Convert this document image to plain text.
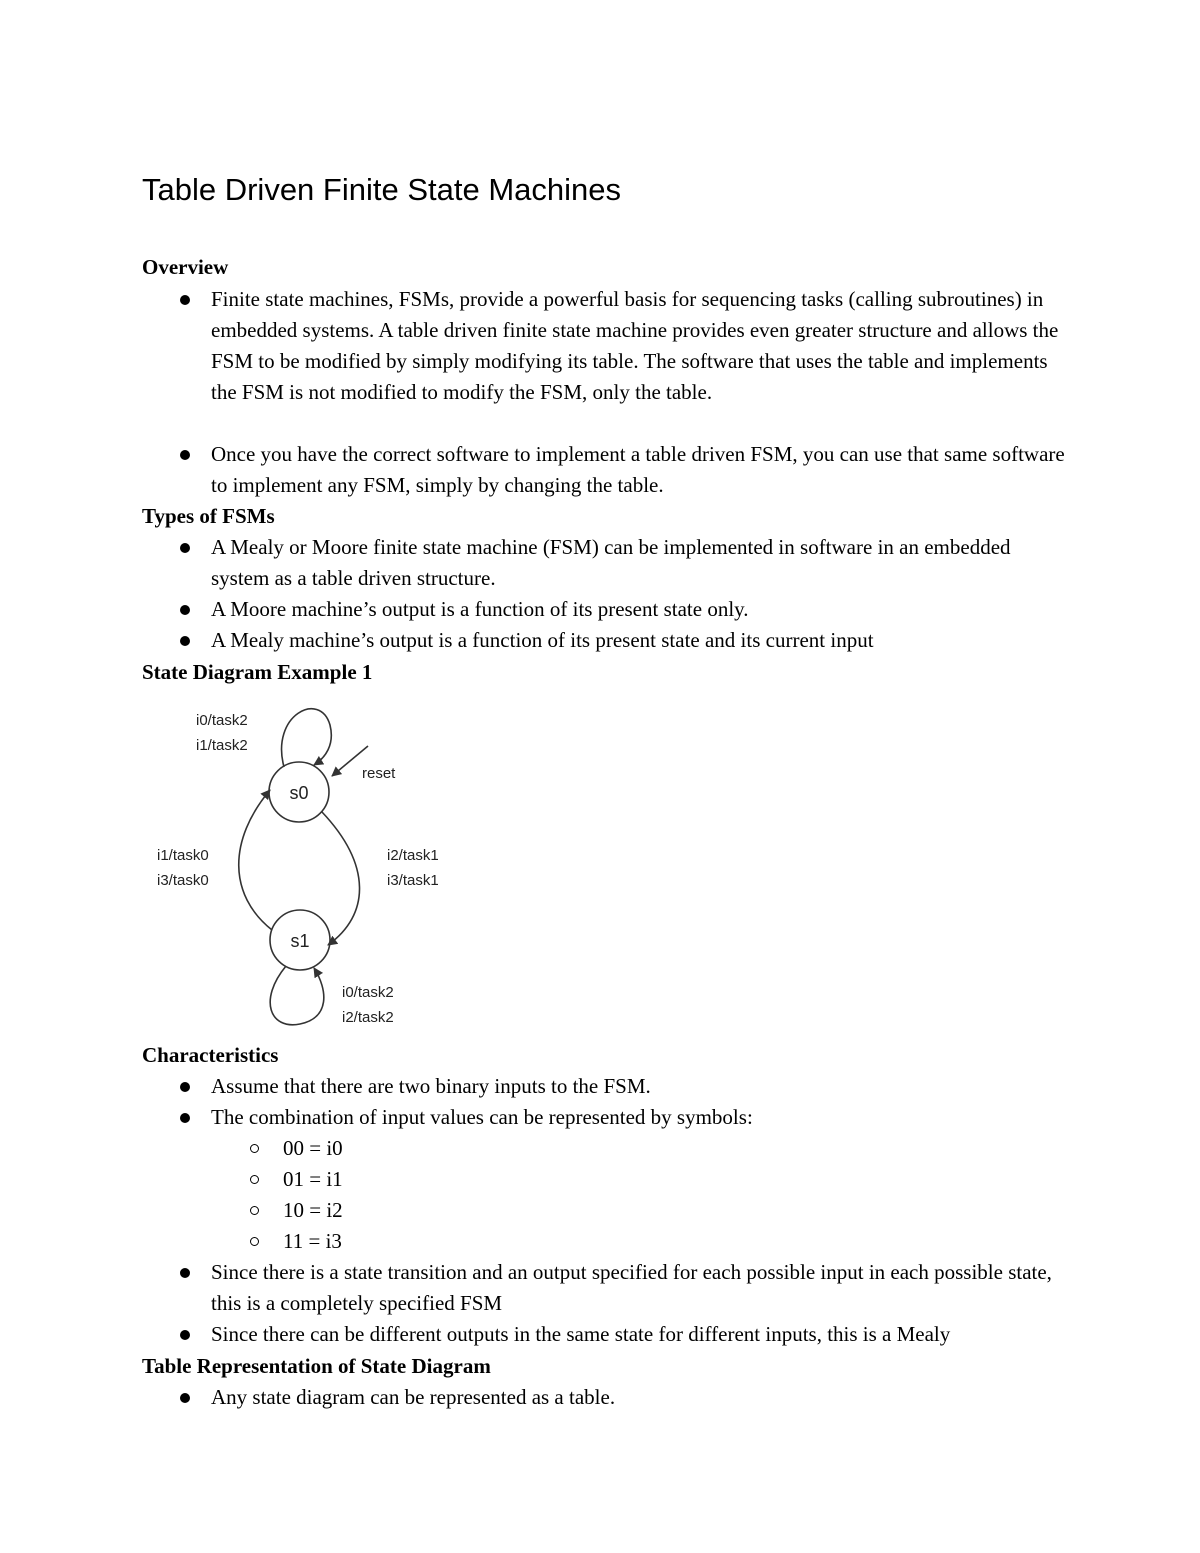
Table Driven Finite State Machines
Overview

Finite state machines, FSMs, provide a powerful basis for sequencing tasks (calling subroutines) in embedded systems. A table driven finite state machine provides even greater structure and allows the FSM to be modified by simply modifying its table. The software that uses the table and implements the FSM is not modified to modify the FSM, only the table.

Once you have the correct software to implement a table driven FSM, you can use that same software to implement any FSM, simply by changing the table.

Types of FSMs

A Mealy or Moore finite state machine (FSM) can be implemented in software in an embedded system as a table driven structure.

A Moore machine’s output is a function of its present state only.

A Mealy machine’s output is a function of its present state and its current input

State Diagram Example 1
s0
s1
i0/task2
i1/task2
reset
i1/task0
i3/task0
i2/task1
i3/task1
i0/task2
i2/task2
Characteristics

Assume that there are two binary inputs to the FSM.

The combination of input values can be represented by symbols:

00 = i0

01 = i1

10 = i2

11 = i3

Since there is a state transition and an output specified for each possible input in each possible state, this is a completely specified FSM

Since there can be different outputs in the same state for different inputs, this is a Mealy

Table Representation of State Diagram

Any state diagram can be represented as a table.
